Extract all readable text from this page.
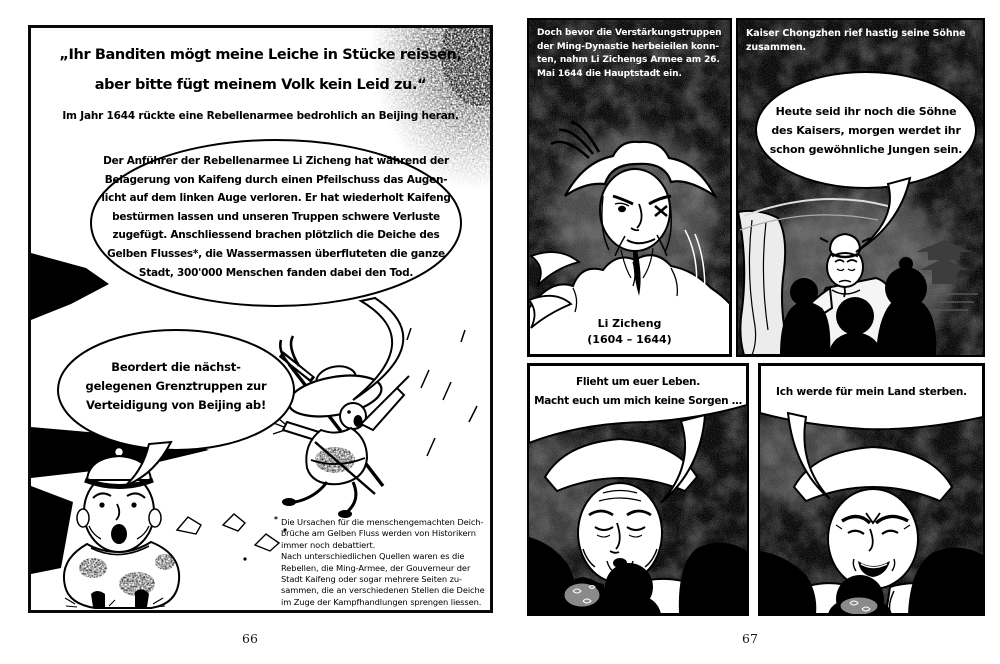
„Ihr Banditen mögt meine Leiche in Stücke reissen,
aber bitte fügt meinem Volk kein Leid zu.“
Im Jahr 1644 rückte eine Rebellenarmee bedrohlich an Beijing heran.
Der Anführer der Rebellenarmee Li Zicheng hat während der
Belagerung von Kaifeng durch einen Pfeilschuss das Augen-
licht auf dem linken Auge verloren. Er hat wiederholt Kaifeng
bestürmen lassen und unseren Truppen schwere Verluste
zugefügt. Anschliessend brachen plötzlich die Deiche des
Gelben Flusses*, die Wassermassen überfluteten die ganze
Stadt, 300'000 Menschen fanden dabei den Tod.
Beordert die nächst-
gelegenen Grenztruppen zur
Verteidigung von Beijing ab!
* Die Ursachen für die menschengemachten Deich-
brüche am Gelben Fluss werden von Historikern
immer noch debattiert.
Nach unterschiedlichen Quellen waren es die
Rebellen, die Ming-Armee, der Gouverneur der
Stadt Kaifeng oder sogar mehrere Seiten zu-
sammen, die an verschiedenen Stellen die Deiche
im Zuge der Kampfhandlungen sprengen liessen.
66
Doch bevor die Verstärkungstruppen
der Ming-Dynastie herbeieilen konn-
ten, nahm Li Zichengs Armee am 26.
Mai 1644 die Hauptstadt ein.
Li Zicheng
(1604 – 1644)
Kaiser Chongzhen rief hastig seine Söhne
zusammen.
Heute seid ihr noch die Söhne
des Kaisers, morgen werdet ihr
schon gewöhnliche Jungen sein.
Flieht um euer Leben.
Macht euch um mich keine Sorgen …
Ich werde für mein Land sterben.
67
